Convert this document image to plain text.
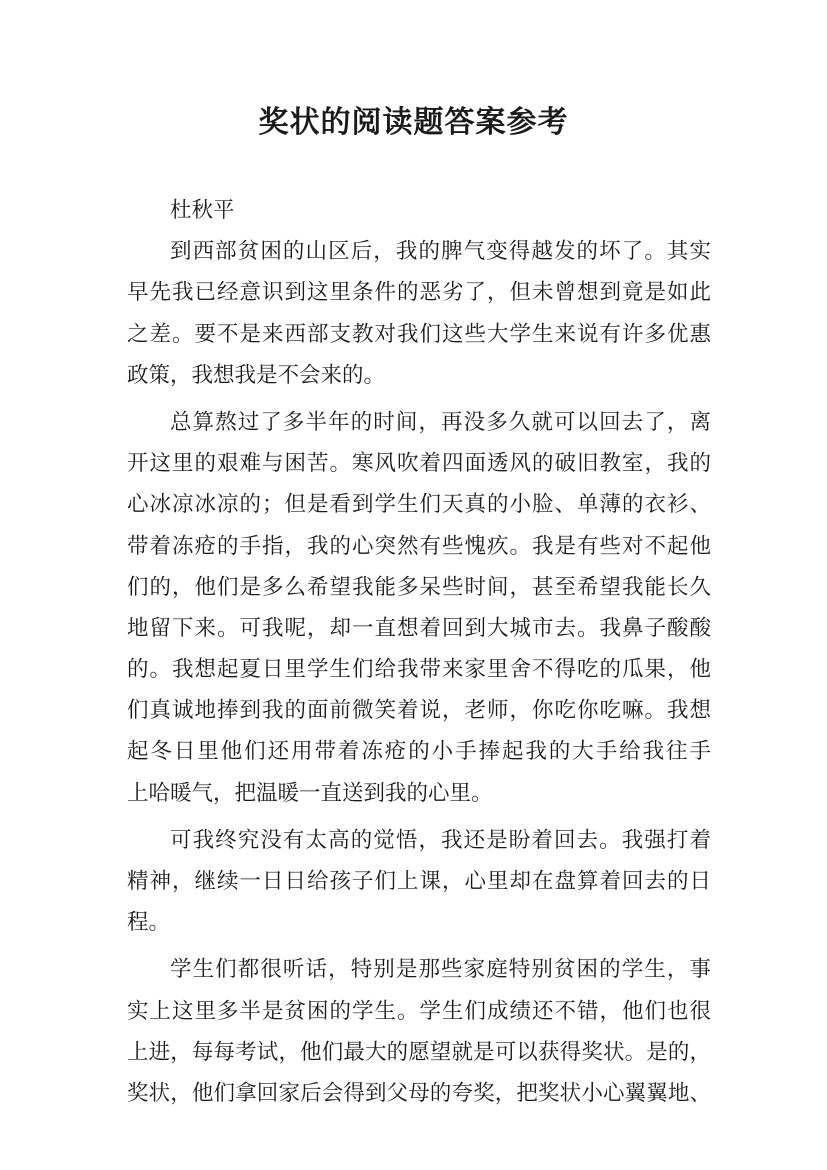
奖状的阅读题答案参考
杜秋平
到西部贫困的山区后，我的脾气变得越发的坏了。其实
早先我已经意识到这里条件的恶劣了，但未曾想到竟是如此
之差。要不是来西部支教对我们这些大学生来说有许多优惠
政策，我想我是不会来的。
总算熬过了多半年的时间，再没多久就可以回去了，离
开这里的艰难与困苦。寒风吹着四面透风的破旧教室，我的
心冰凉冰凉的；但是看到学生们天真的小脸、单薄的衣衫、
带着冻疮的手指，我的心突然有些愧疚。我是有些对不起他
们的，他们是多么希望我能多呆些时间，甚至希望我能长久
地留下来。可我呢，却一直想着回到大城市去。我鼻子酸酸
的。我想起夏日里学生们给我带来家里舍不得吃的瓜果，他
们真诚地捧到我的面前微笑着说，老师，你吃你吃嘛。我想
起冬日里他们还用带着冻疮的小手捧起我的大手给我往手
上哈暖气，把温暖一直送到我的心里。
可我终究没有太高的觉悟，我还是盼着回去。我强打着
精神，继续一日日给孩子们上课，心里却在盘算着回去的日
程。
学生们都很听话，特别是那些家庭特别贫困的学生，事
实上这里多半是贫困的学生。学生们成绩还不错，他们也很
上进，每每考试，他们最大的愿望就是可以获得奖状。是的，
奖状，他们拿回家后会得到父母的夸奖，把奖状小心翼翼地、
